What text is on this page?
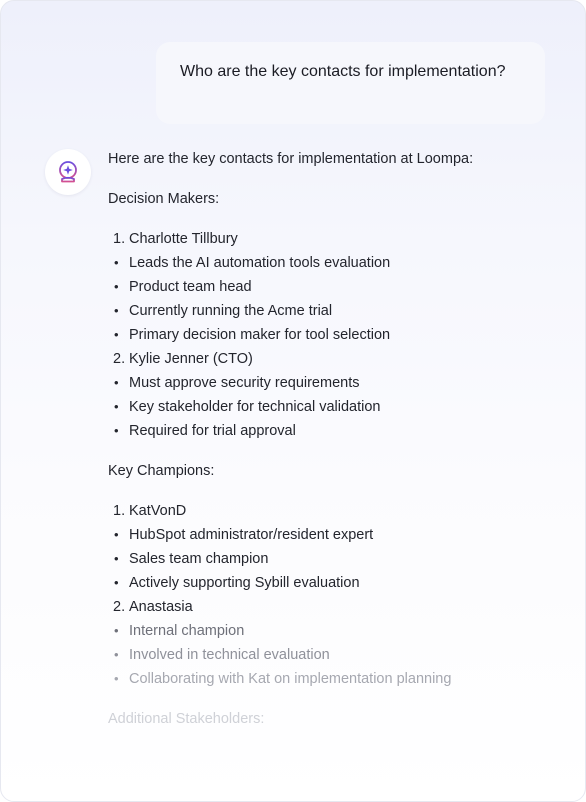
Who are the key contacts for implementation?
Here are the key contacts for implementation at Loompa:
Decision Makers:
1. Charlotte Tillbury
• Leads the AI automation tools evaluation
• Product team head
• Currently running the Acme trial
• Primary decision maker for tool selection
2. Kylie Jenner (CTO)
• Must approve security requirements
• Key stakeholder for technical validation
• Required for trial approval
Key Champions:
1. KatVonD
• HubSpot administrator/resident expert
• Sales team champion
• Actively supporting Sybill evaluation
2. Anastasia
• Internal champion
• Involved in technical evaluation
• Collaborating with Kat on implementation planning
Additional Stakeholders:
